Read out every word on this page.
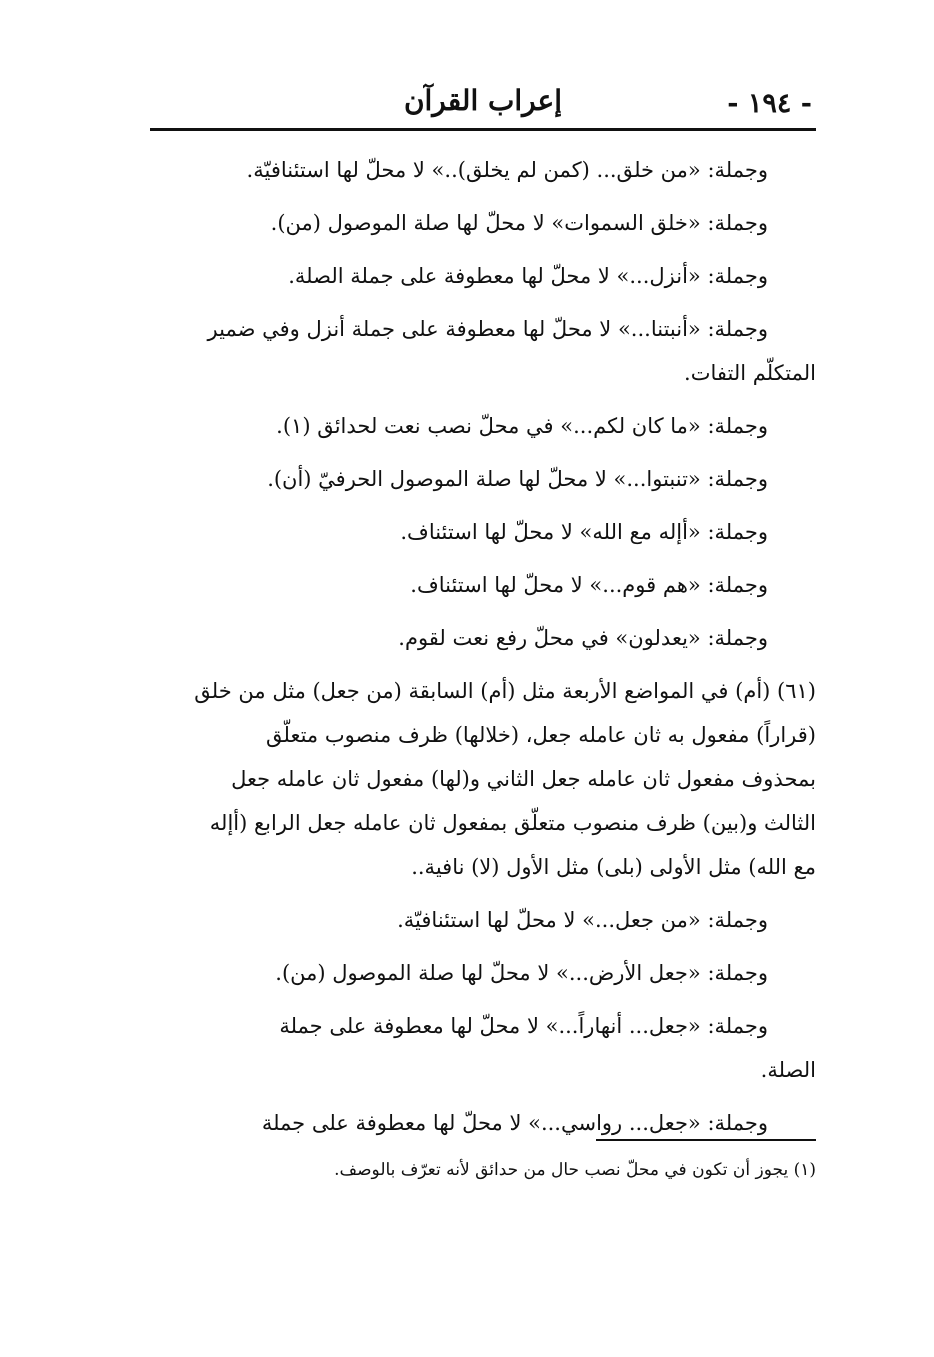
- ١٩٤ -
إعراب القرآن

وجملة: «من خلق... (كمن لم يخلق)..» لا محلّ لها استئنافيّة.

وجملة: «خلق السموات» لا محلّ لها صلة الموصول (من).

وجملة: «أنزل...» لا محلّ لها معطوفة على جملة الصلة.

وجملة: «أنبتنا...» لا محلّ لها معطوفة على جملة أنزل وفي ضمير

المتكلّم التفات.

وجملة: «ما كان لكم...» في محلّ نصب نعت لحدائق (١).

وجملة: «تنبتوا...» لا محلّ لها صلة الموصول الحرفيّ (أن).

وجملة: «أإله مع الله» لا محلّ لها استئناف.

وجملة: «هم قوم...» لا محلّ لها استئناف.

وجملة: «يعدلون» في محلّ رفع نعت لقوم.

(٦١) (أم) في المواضع الأربعة مثل (أم) السابقة (من جعل) مثل من خلق

(قراراً) مفعول به ثان عامله جعل، (خلالها) ظرف منصوب متعلّق

بمحذوف مفعول ثان عامله جعل الثاني و(لها) مفعول ثان عامله جعل

الثالث و(بين) ظرف منصوب متعلّق بمفعول ثان عامله جعل الرابع (أإله

مع الله) مثل الأولى (بلى) مثل الأول (لا) نافية..

وجملة: «من جعل...» لا محلّ لها استئنافيّة.

وجملة: «جعل الأرض...» لا محلّ لها صلة الموصول (من).

وجملة: «جعل... أنهاراً...» لا محلّ لها معطوفة على جملة

الصلة.

وجملة: «جعل... رواسي...» لا محلّ لها معطوفة على جملة

(١) يجوز أن تكون في محلّ نصب حال من حدائق لأنه تعرّف بالوصف.
